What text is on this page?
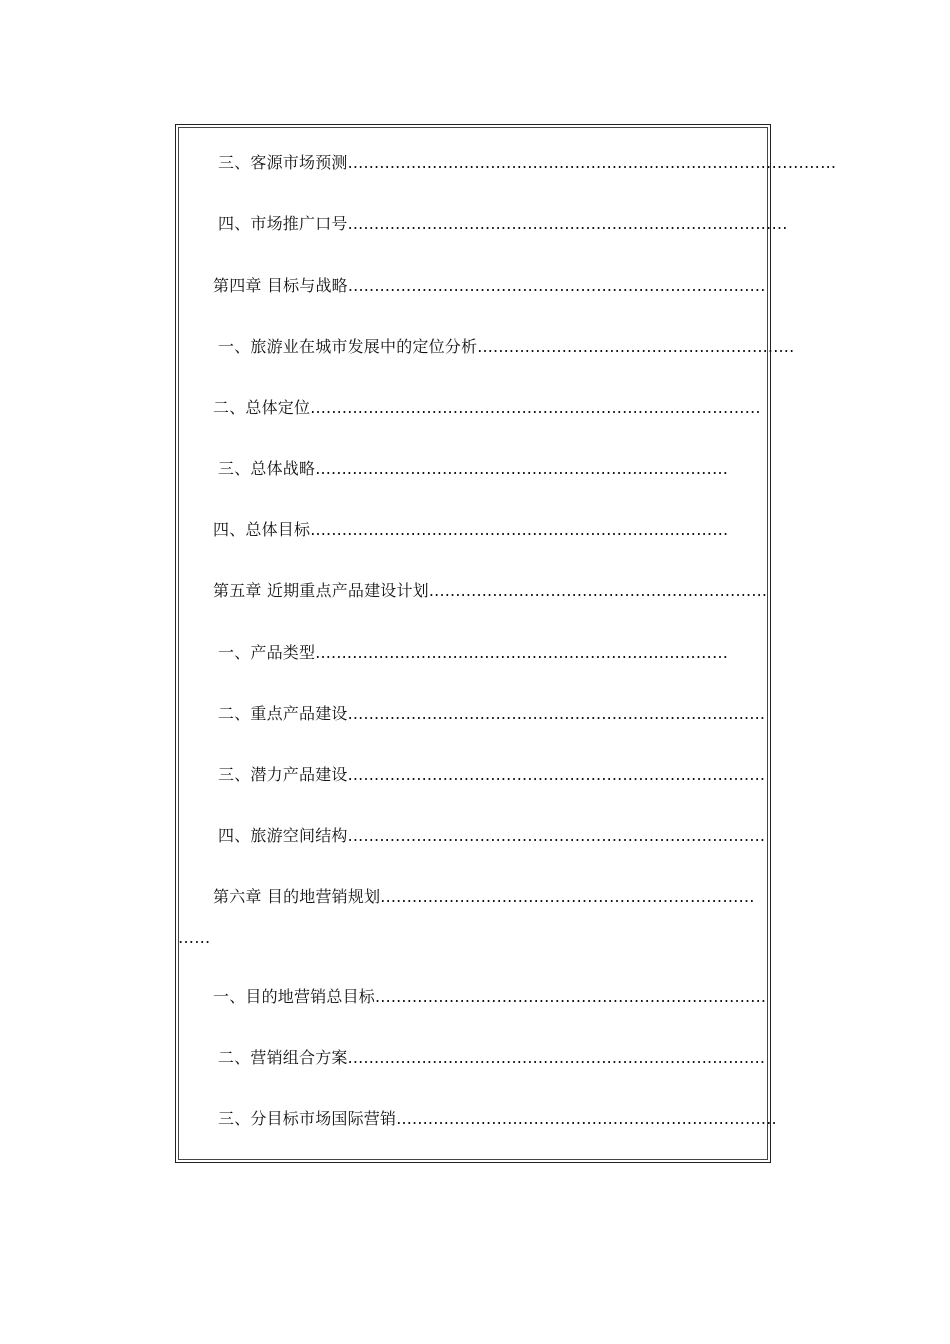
三、客源市场预测.......................................................................…………………
四、市场推广口号.......................................................................…………
第四章 目标与战略...............................................................................
一、旅游业在城市发展中的定位分析............................................................
二、总体定位.........................................................................…………
三、总体战略........................................................................……
四、总体目标.........................................................................……
第五章 近期重点产品建设计划................................................................
一、产品类型........................................................................……
二、重点产品建设...............................................................................
三、潜力产品建设...............................................................................
四、旅游空间结构...............................................................................
第六章 目的地营销规划...............................…………………………………
……
一、目的地营销总目标..........................................................................
二、营销组合方案...............................................................................
三、分目标市场国际营销........................................................................
